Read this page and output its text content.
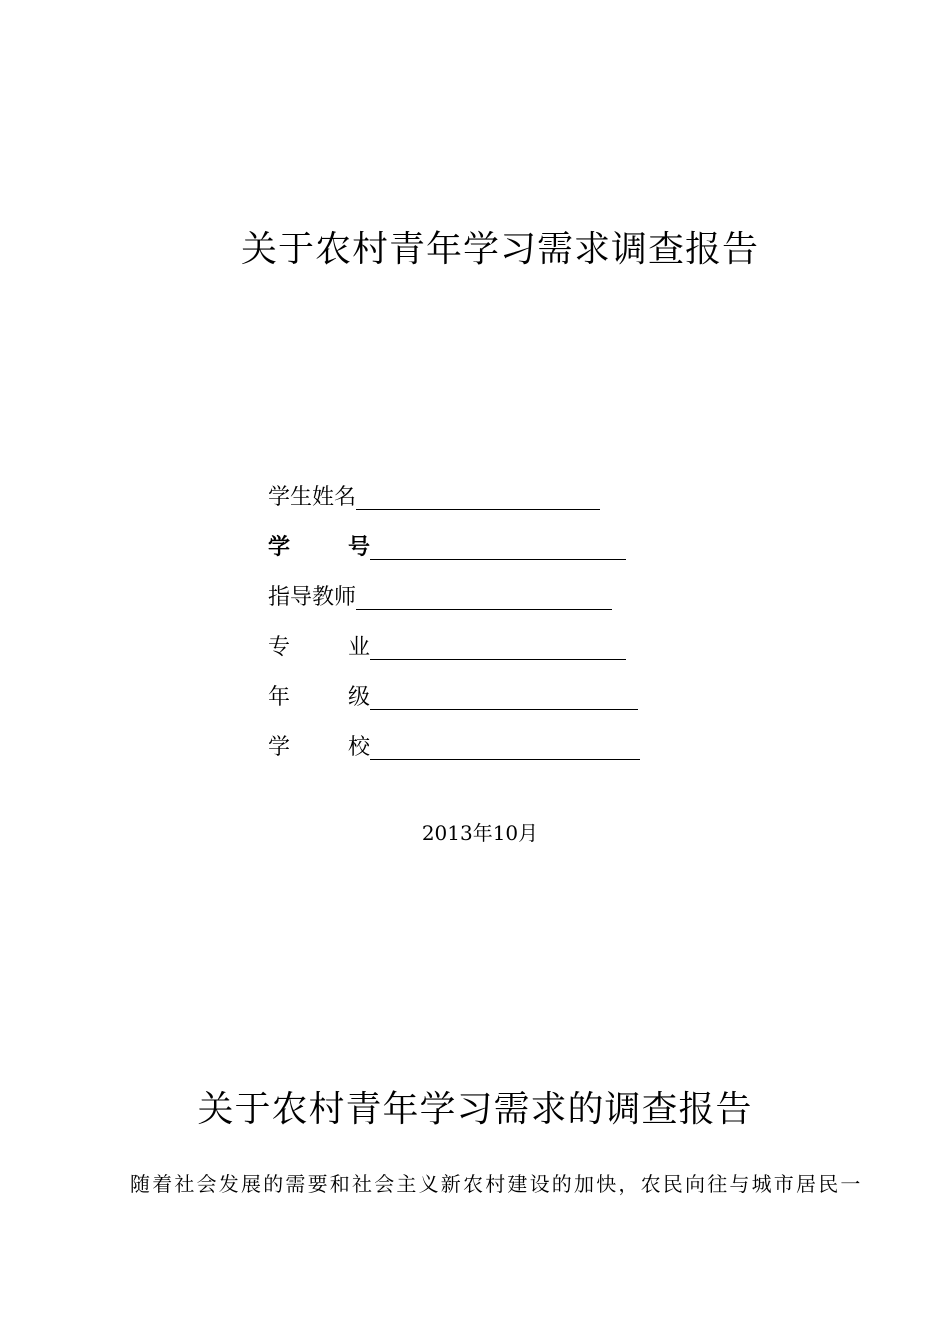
关于农村青年学习需求调查报告
学生姓名
学	号
指导教师
专	业
年	级
学	校
2013年10月
关于农村青年学习需求的调查报告
随着社会发展的需要和社会主义新农村建设的加快，农民向往与城市居民一
